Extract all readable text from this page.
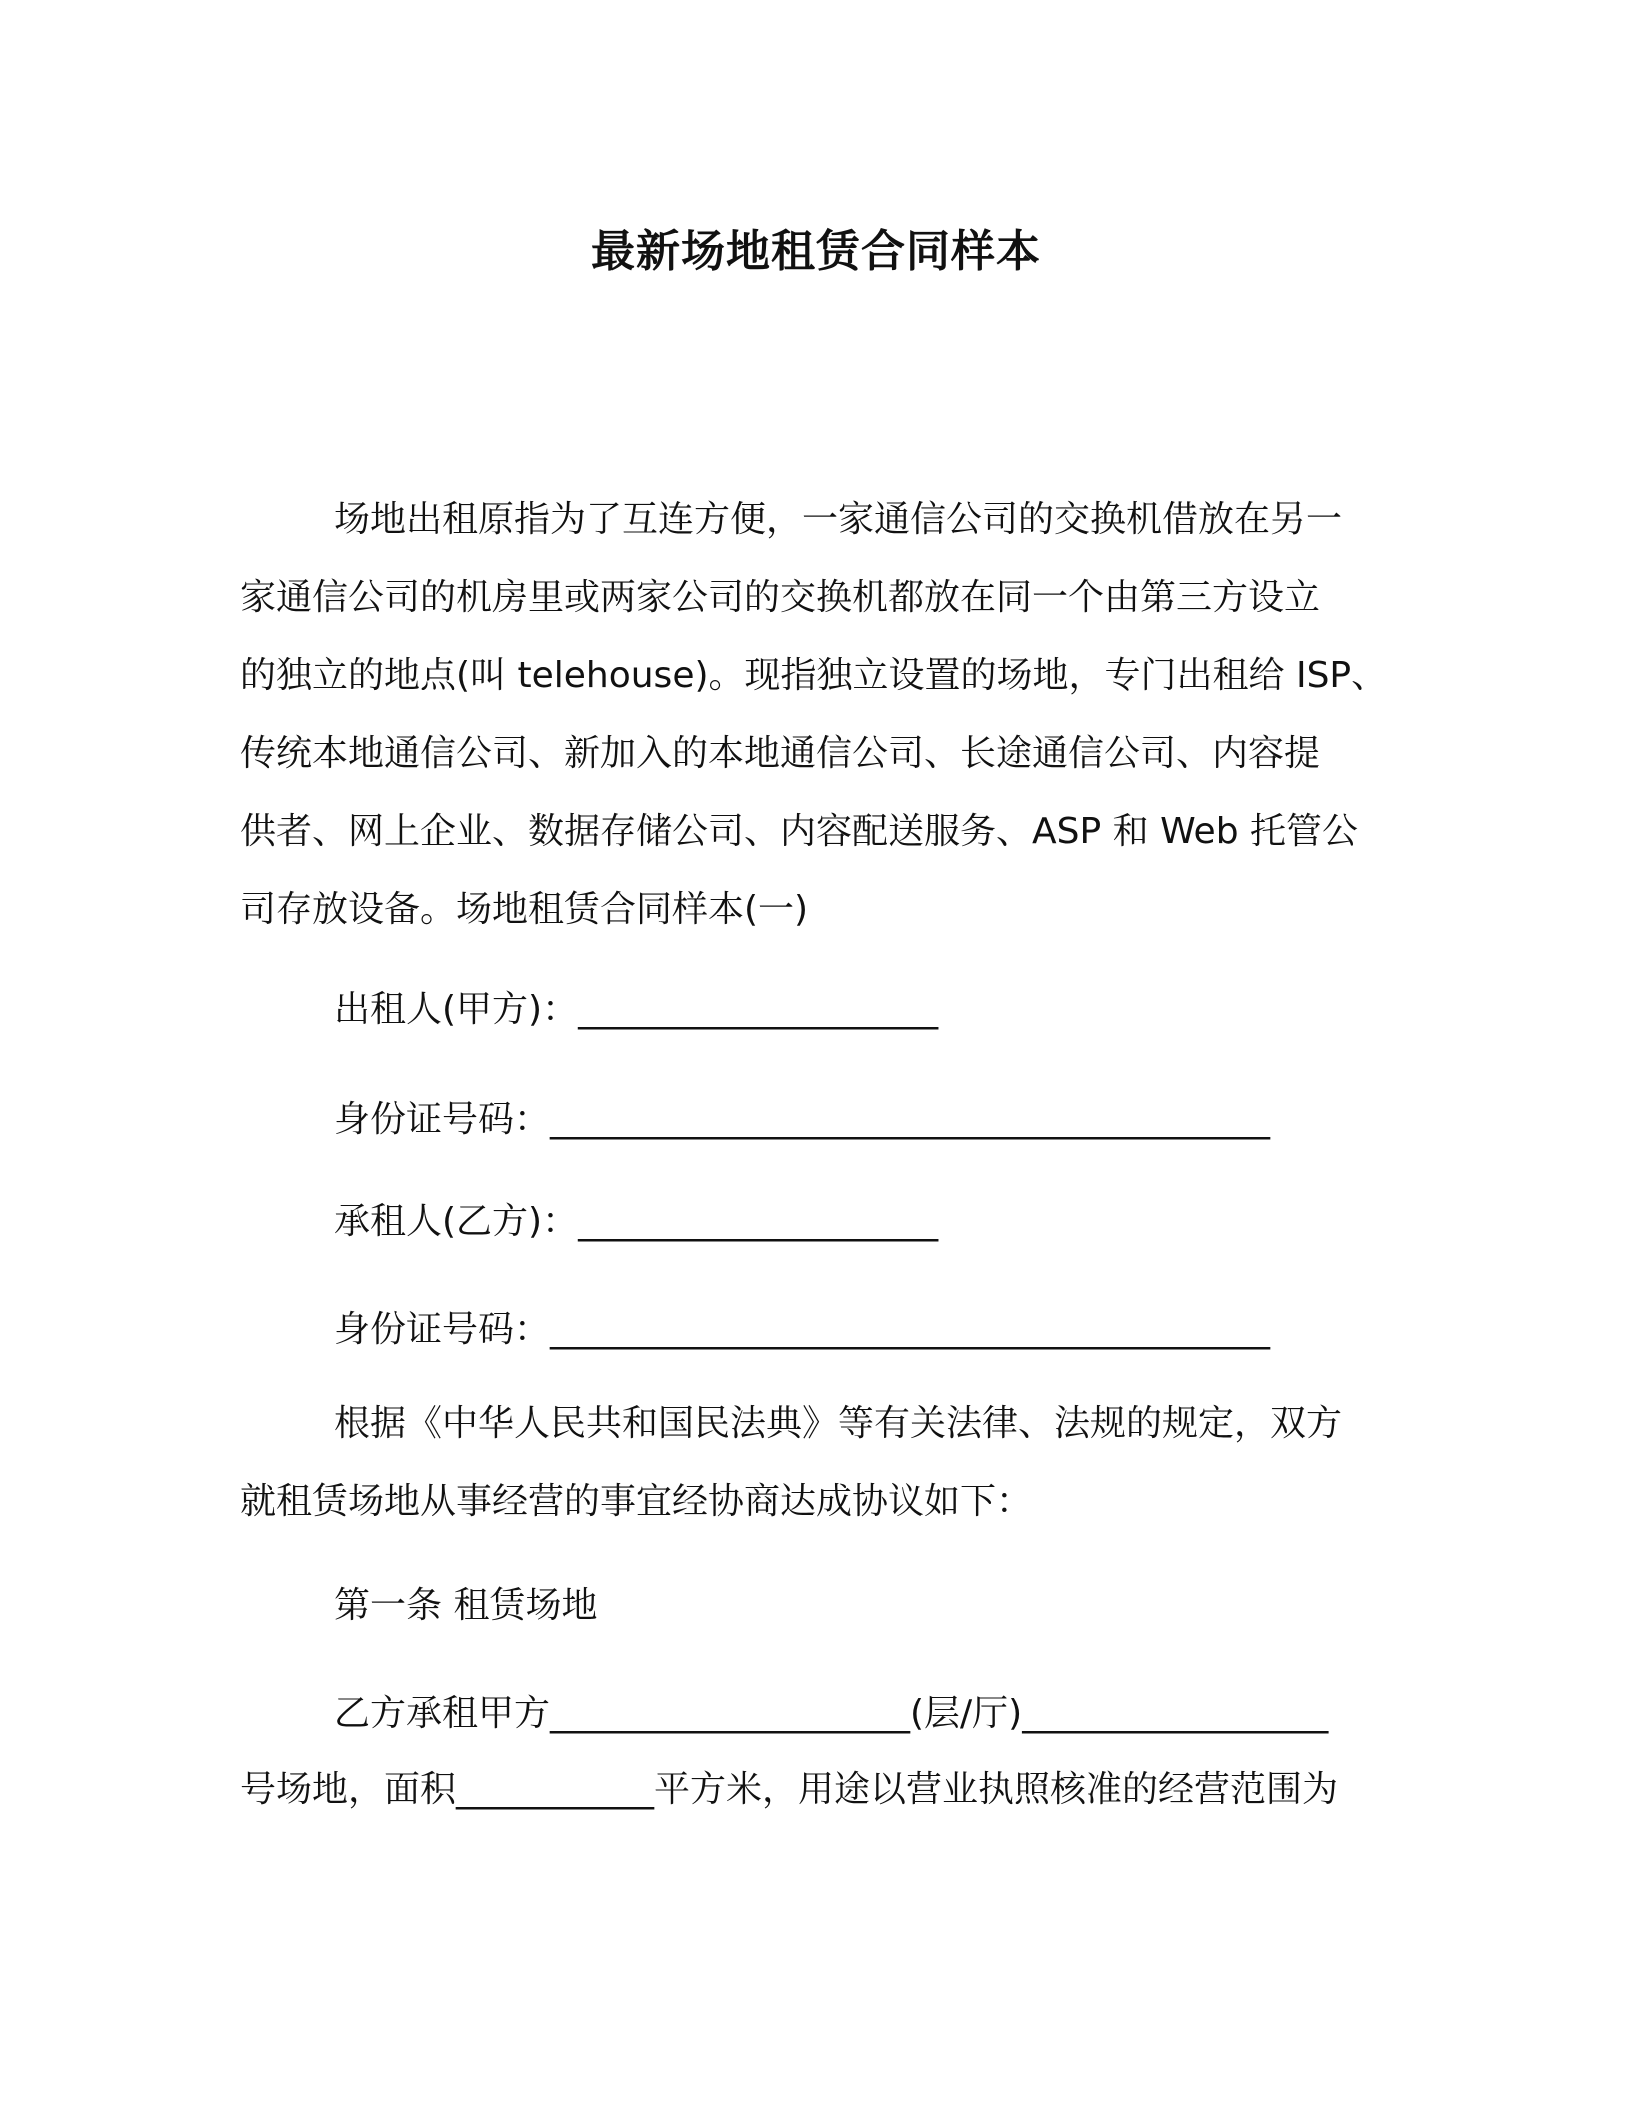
最新场地租赁合同样本

场地出租原指为了互连方便，一家通信公司的交换机借放在另一

家通信公司的机房里或两家公司的交换机都放在同一个由第三方设立

的独立的地点(叫 telehouse)。现指独立设置的场地，专门出租给 ISP、

传统本地通信公司、新加入的本地通信公司、长途通信公司、内容提

供者、网上企业、数据存储公司、内容配送服务、ASP 和 Web 托管公

司存放设备。场地租赁合同样本(一)

出租人(甲方)：____________________

身份证号码：________________________________________

承租人(乙方)：____________________

身份证号码：________________________________________

根据《中华人民共和国民法典》等有关法律、法规的规定，双方

就租赁场地从事经营的事宜经协商达成协议如下：

第一条 租赁场地

乙方承租甲方____________________(层/厅)_________________

号场地，面积___________平方米，用途以营业执照核准的经营范围为
